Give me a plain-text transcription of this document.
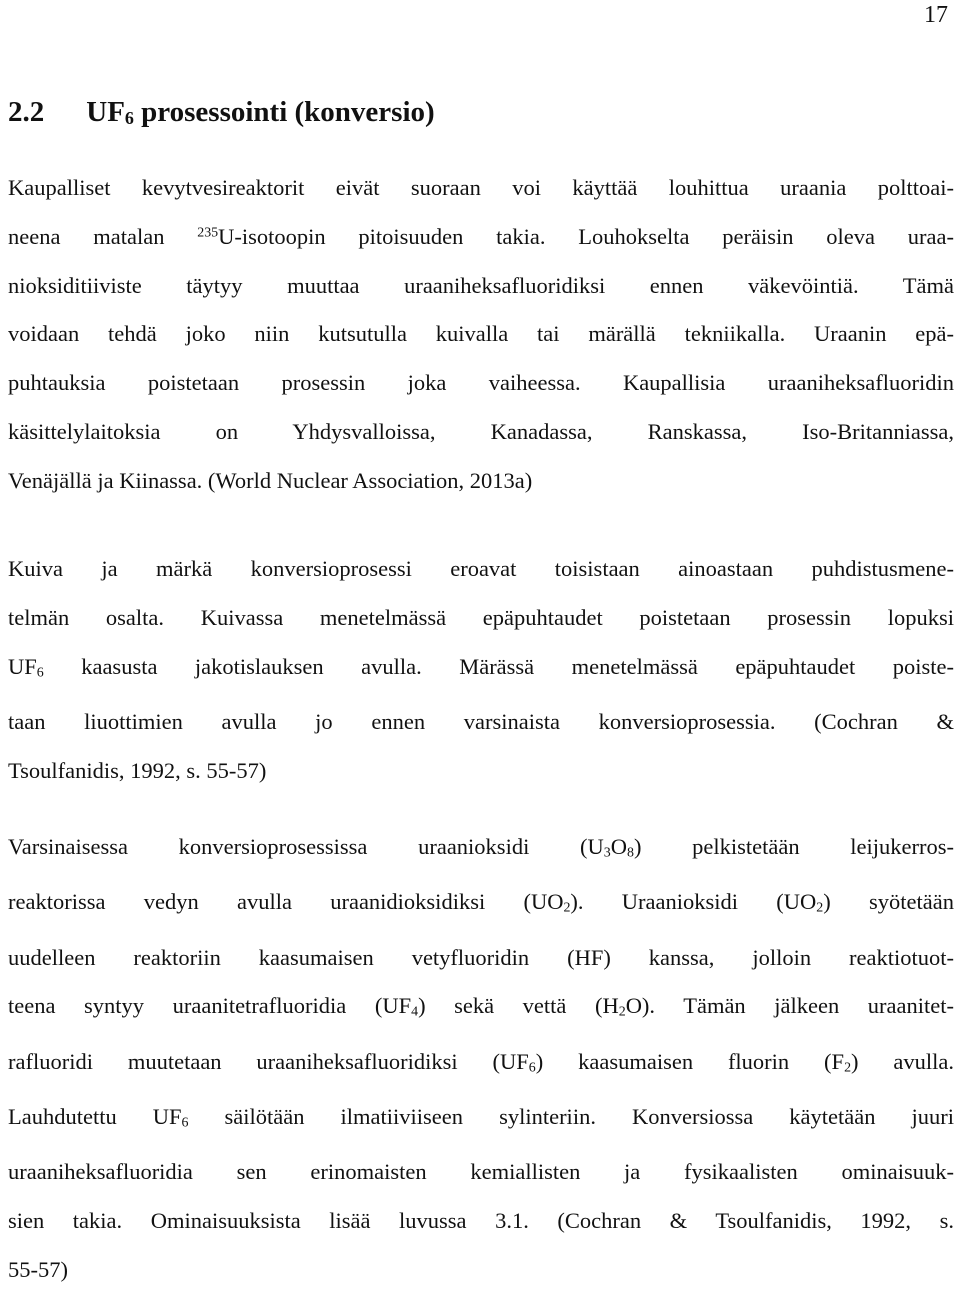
17
2.2 UF6 prosessointi (konversio)
Kaupalliset kevytvesireaktorit eivät suoraan voi käyttää louhittua uraania polttoai-
neena matalan $^{235}$U-isotoopin pitoisuuden takia. Louhokselta peräisin oleva uraa-
nioksiditiiviste täytyy muuttaa uraaniheksafluoridiksi ennen väkevöintiä. Tämä
voidaan tehdä joko niin kutsutulla kuivalla tai märällä tekniikalla. Uraanin epä-
puhtauksia poistetaan prosessin joka vaiheessa. Kaupallisia uraaniheksafluoridin
käsittelylaitoksia on Yhdysvalloissa, Kanadassa, Ranskassa, Iso-Britanniassa,
Venäjällä ja Kiinassa. (World Nuclear Association, 2013a)
Kuiva ja märkä konversioprosessi eroavat toisistaan ainoastaan puhdistusmene-
telmän osalta. Kuivassa menetelmässä epäpuhtaudet poistetaan prosessin lopuksi
UF6 kaasusta jakotislauksen avulla. Märässä menetelmässä epäpuhtaudet poiste-
taan liuottimien avulla jo ennen varsinaista konversioprosessia. (Cochran &
Tsoulfanidis, 1992, s. 55-57)
Varsinaisessa konversioprosessissa uraanioksidi (U3O8) pelkistetään leijukerros-
reaktorissa vedyn avulla uraanidioksidiksi (UO2). Uraanioksidi (UO2) syötetään
uudelleen reaktoriin kaasumaisen vetyfluoridin (HF) kanssa, jolloin reaktiotuot-
teena syntyy uraanitetrafluoridia (UF4) sekä vettä (H2O). Tämän jälkeen uraanitet-
rafluoridi muutetaan uraaniheksafluoridiksi (UF6) kaasumaisen fluorin (F2) avulla.
Lauhdutettu UF6 säilötään ilmatiiviiseen sylinteriin. Konversiossa käytetään juuri
uraaniheksafluoridia sen erinomaisten kemiallisten ja fysikaalisten ominaisuuk-
sien takia. Ominaisuuksista lisää luvussa 3.1. (Cochran & Tsoulfanidis, 1992, s.
55-57)
